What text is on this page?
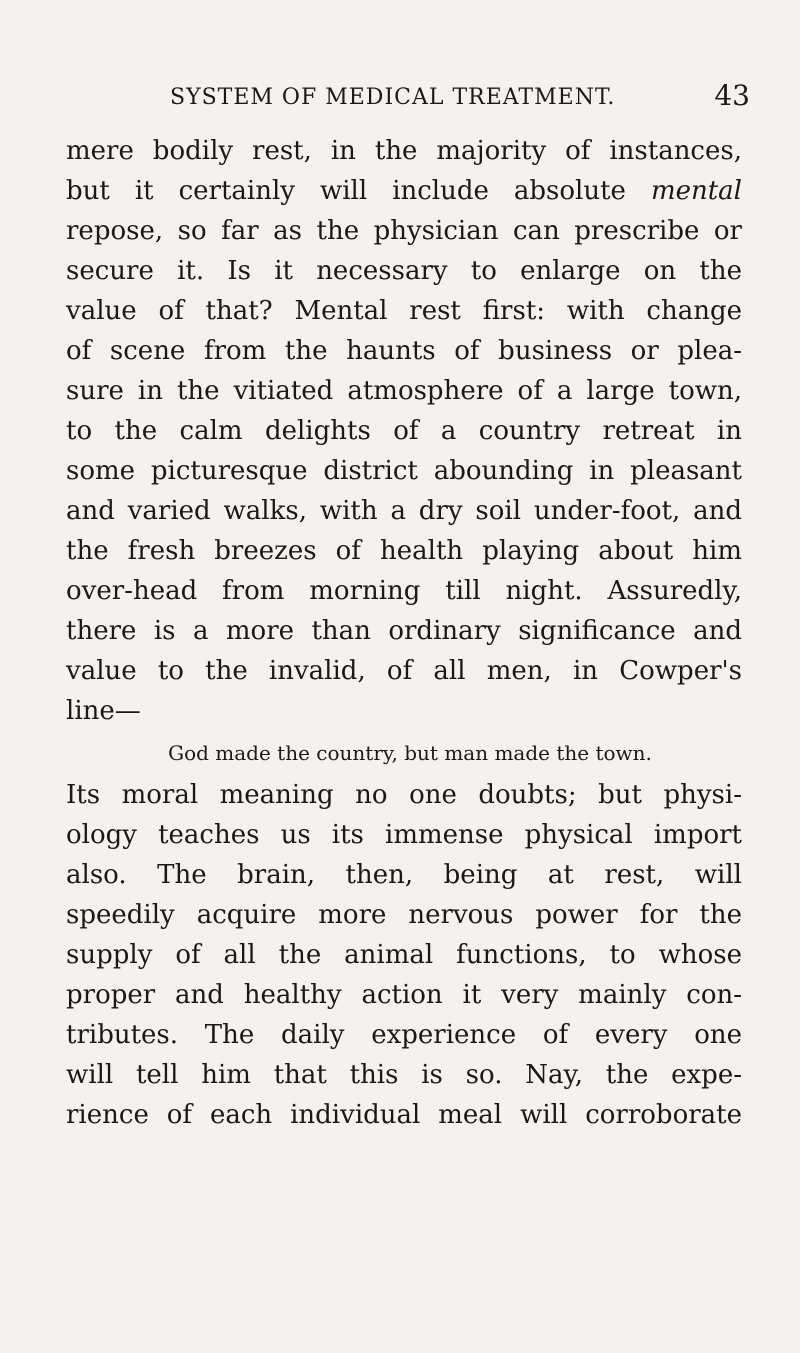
SYSTEM OF MEDICAL TREATMENT.	43
mere bodily rest, in the majority of instances,
but it certainly will include absolute mental
repose, so far as the physician can prescribe or
secure it. Is it necessary to enlarge on the
value of that? Mental rest first: with change
of scene from the haunts of business or plea-
sure in the vitiated atmosphere of a large town,
to the calm delights of a country retreat in
some picturesque district abounding in pleasant
and varied walks, with a dry soil under-foot, and
the fresh breezes of health playing about him
over-head from morning till night. Assuredly,
there is a more than ordinary significance and
value to the invalid, of all men, in Cowper's
line—
God made the country, but man made the town.
Its moral meaning no one doubts; but physi-
ology teaches us its immense physical import
also. The brain, then, being at rest, will
speedily acquire more nervous power for the
supply of all the animal functions, to whose
proper and healthy action it very mainly con-
tributes. The daily experience of every one
will tell him that this is so. Nay, the expe-
rience of each individual meal will corroborate
